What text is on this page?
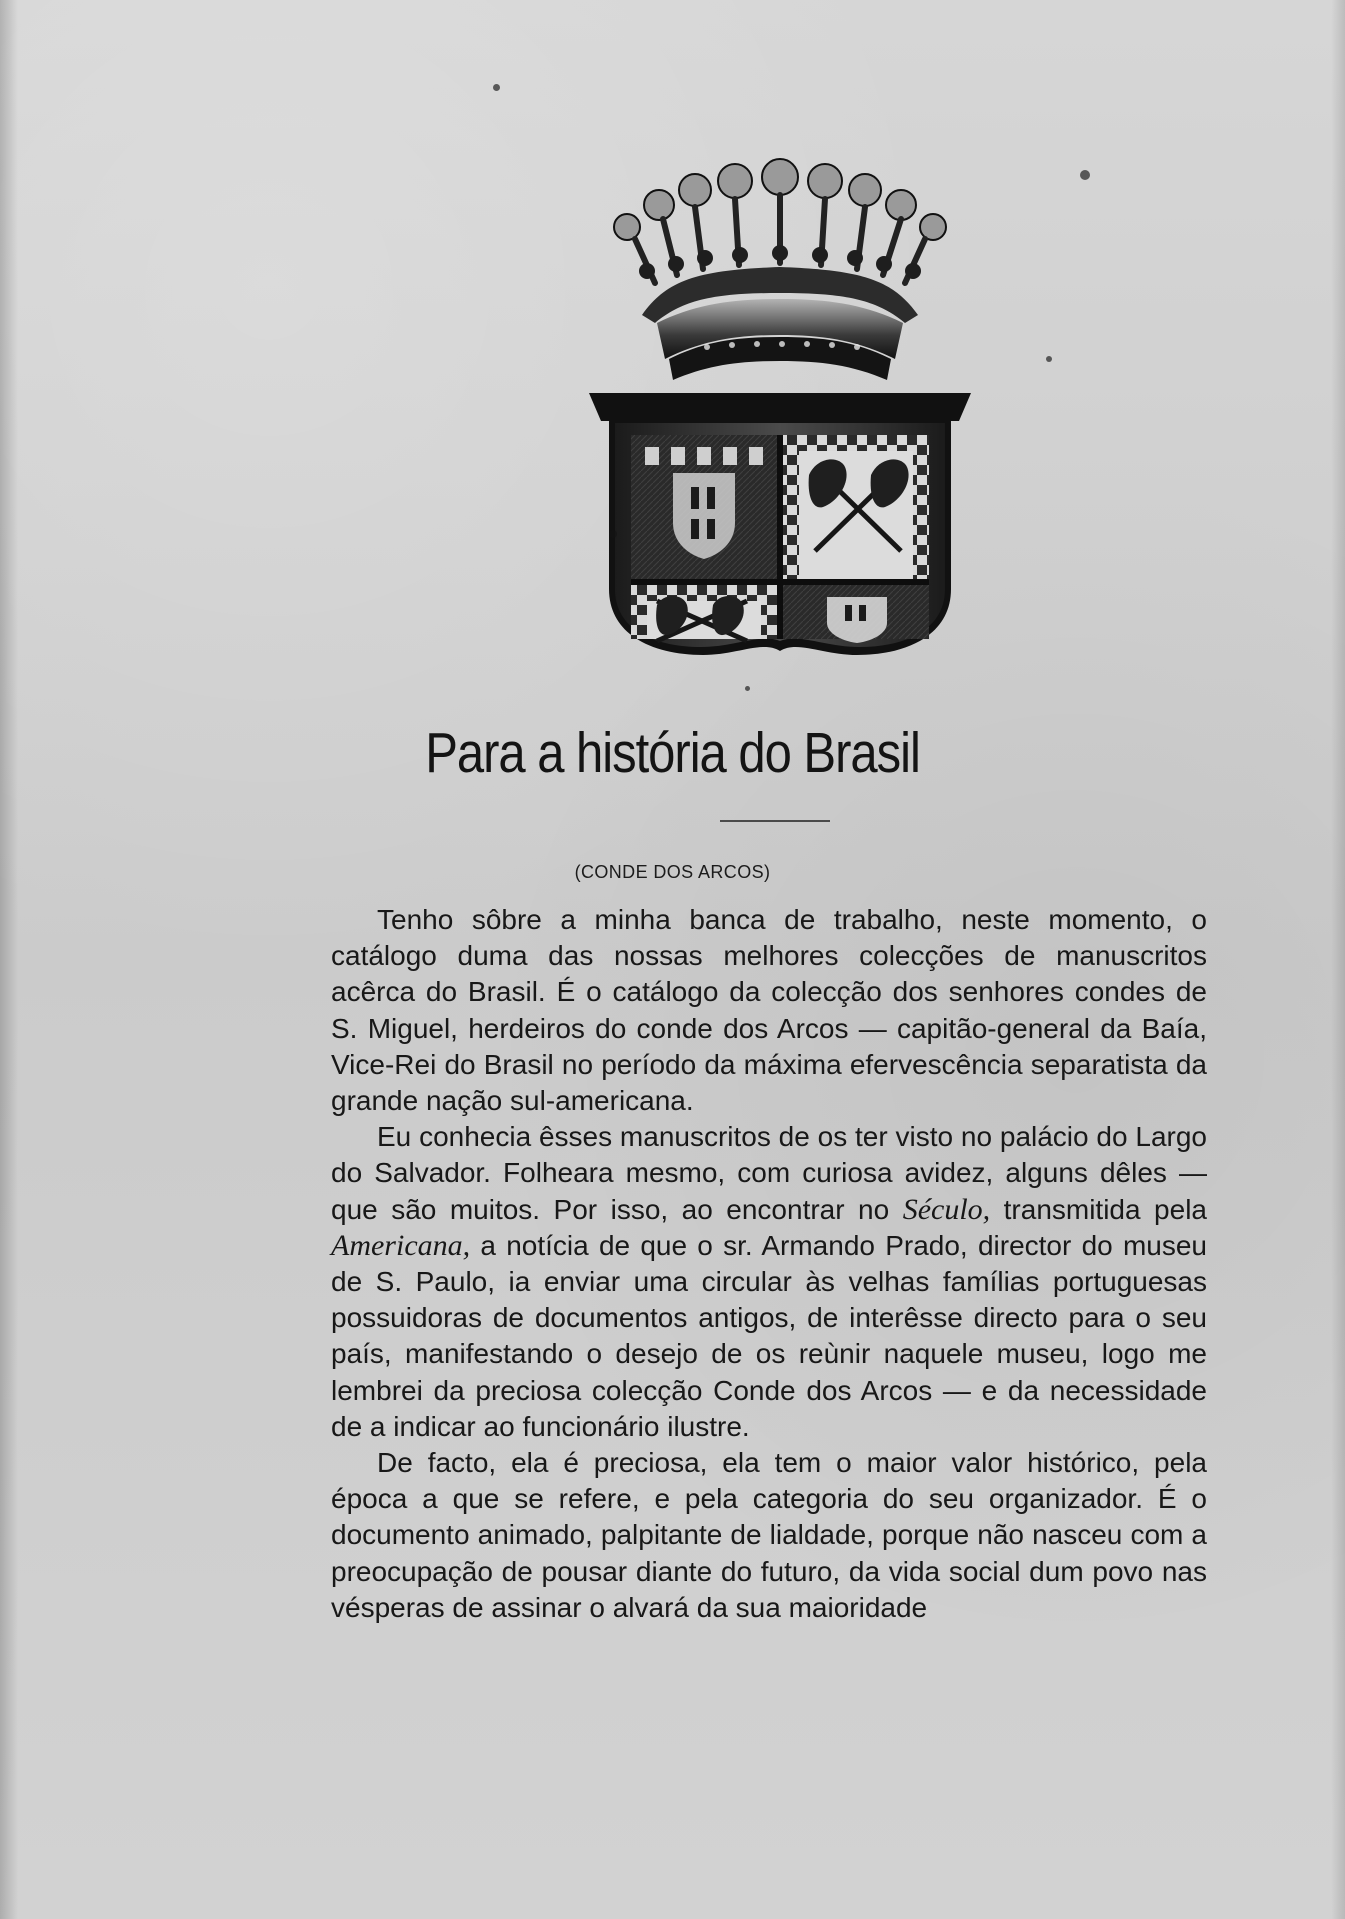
Para a história do Brasil
(CONDE DOS ARCOS)

Tenho sôbre a minha banca de trabalho, neste momento, o catálogo duma das nossas melhores colecções de manuscritos acêrca do Brasil. É o catálogo da colecção dos senhores condes de S. Miguel, herdeiros do conde dos Arcos — capitão-general da Baía, Vice-Rei do Brasil no período da máxima efervescência separatista da grande nação sul-americana.

Eu conhecia êsses manuscritos de os ter visto no palácio do Largo do Salvador. Folheara mesmo, com curiosa avidez, alguns dêles — que são muitos. Por isso, ao encontrar no Século, transmitida pela Americana, a notícia de que o sr. Armando Prado, director do museu de S. Paulo, ia enviar uma circular às velhas famílias portuguesas possuidoras de documentos antigos, de interêsse directo para o seu país, manifestando o desejo de os reùnir naquele museu, logo me lembrei da preciosa colecção Conde dos Arcos — e da necessidade de a indicar ao funcionário ilustre.

De facto, ela é preciosa, ela tem o maior valor histórico, pela época a que se refere, e pela categoria do seu organizador. É o documento animado, palpitante de lialdade, porque não nasceu com a preocupação de pousar diante do futuro, da vida social dum povo nas vésperas de assinar o alvará da sua maioridade
